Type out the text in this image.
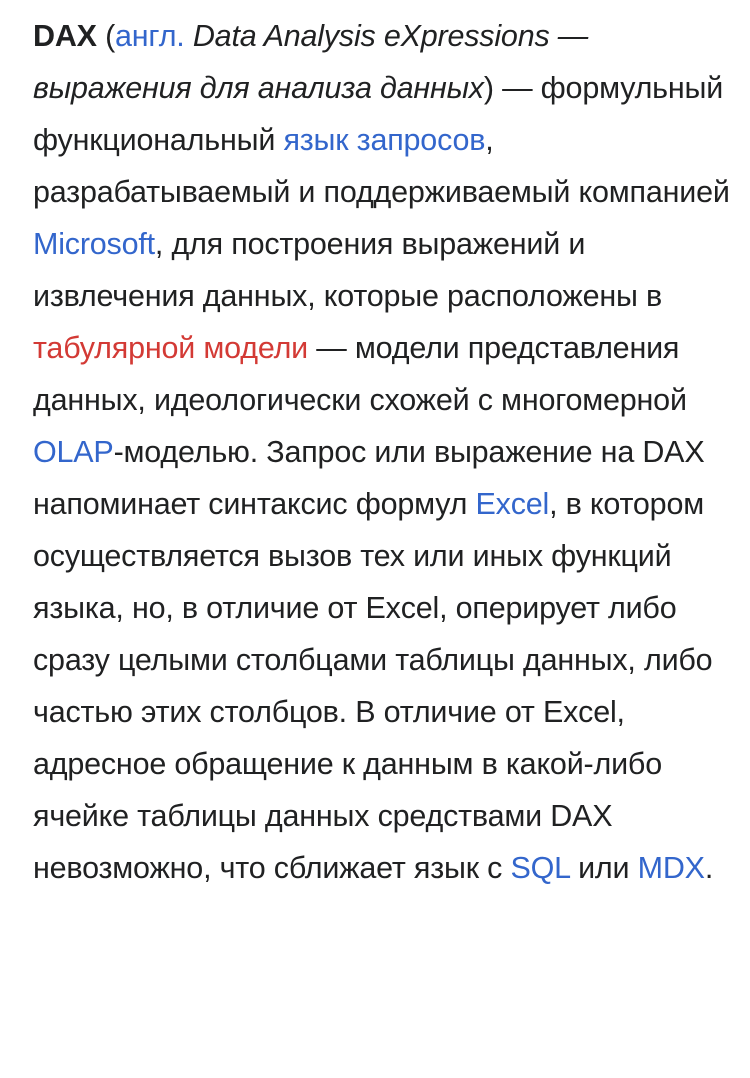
DAX (англ. Data Analysis eXpressions — выражения для анализа данных) — формульный функциональный язык запросов, разрабатываемый и поддерживаемый компанией Microsoft, для построения выражений и извлечения данных, которые расположены в табулярной модели — модели представления данных, идеологически схожей с многомерной OLAP-моделью. Запрос или выражение на DAX напоминает синтаксис формул Excel, в котором осуществляется вызов тех или иных функций языка, но, в отличие от Excel, оперирует либо сразу целыми столбцами таблицы данных, либо частью этих столбцов. В отличие от Excel, адресное обращение к данным в какой-либо ячейке таблицы данных средствами DAX невозможно, что сближает язык с SQL или MDX.
